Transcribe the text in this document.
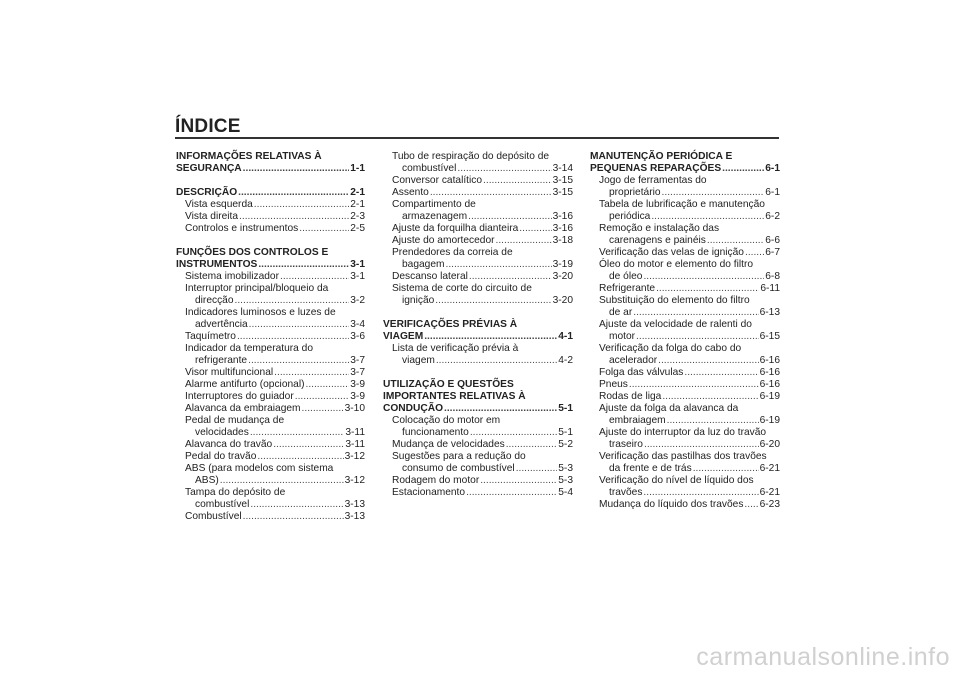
ÍNDICE
INFORMAÇÕES RELATIVAS À
SEGURANÇA .....	1-1
DESCRIÇÃO .....	2-1
Vista esquerda .....	2-1
Vista direita .....	2-3
Controlos e instrumentos .....	2-5
FUNÇÕES DOS CONTROLOS E
INSTRUMENTOS .....	3-1
Sistema imobilizador .....	3-1
Interruptor principal/bloqueio da
direcção .....	3-2
Indicadores luminosos e luzes de
advertência .....	3-4
Taquímetro .....	3-6
Indicador da temperatura do
refrigerante .....	3-7
Visor multifuncional .....	3-7
Alarme antifurto (opcional) .....	3-9
Interruptores do guiador .....	3-9
Alavanca da embraiagem .....	3-10
Pedal de mudança de
velocidades .....	3-11
Alavanca do travão .....	3-11
Pedal do travão .....	3-12
ABS (para modelos com sistema
ABS) .....	3-12
Tampa do depósito de
combustível .....	3-13
Combustível .....	3-13
Tubo de respiração do depósito de
combustível .....	3-14
Conversor catalítico .....	3-15
Assento .....	3-15
Compartimento de
armazenagem .....	3-16
Ajuste da forquilha dianteira .....	3-16
Ajuste do amortecedor .....	3-18
Prendedores da correia de
bagagem .....	3-19
Descanso lateral .....	3-20
Sistema de corte do circuito de
ignição .....	3-20
VERIFICAÇÕES PRÉVIAS À
VIAGEM .....	4-1
Lista de verificação prévia à
viagem .....	4-2
UTILIZAÇÃO E QUESTÕES
IMPORTANTES RELATIVAS À
CONDUÇÃO .....	5-1
Colocação do motor em
funcionamento .....	5-1
Mudança de velocidades .....	5-2
Sugestões para a redução do
consumo de combustível .....	5-3
Rodagem do motor .....	5-3
Estacionamento .....	5-4
MANUTENÇÃO PERIÓDICA E
PEQUENAS REPARAÇÕES .....	6-1
Jogo de ferramentas do
proprietário .....	6-1
Tabela de lubrificação e manutenção
periódica .....	6-2
Remoção e instalação das
carenagens e painéis .....	6-6
Verificação das velas de ignição ..... 6-7
Óleo do motor e elemento do filtro
de óleo .....	6-8
Refrigerante .....	6-11
Substituição do elemento do filtro
de ar .....	6-13
Ajuste da velocidade de ralenti do
motor .....	6-15
Verificação da folga do cabo do
acelerador .....	6-16
Folga das válvulas .....	6-16
Pneus .....	6-16
Rodas de liga .....	6-19
Ajuste da folga da alavanca da
embraiagem .....	6-19
Ajuste do interruptor da luz do travão
traseiro .....	6-20
Verificação das pastilhas dos travões
da frente e de trás .....	6-21
Verificação do nível de líquido dos
travões .....	6-21
Mudança do líquido dos travões ..... 6-23
carmanualsonline.info
